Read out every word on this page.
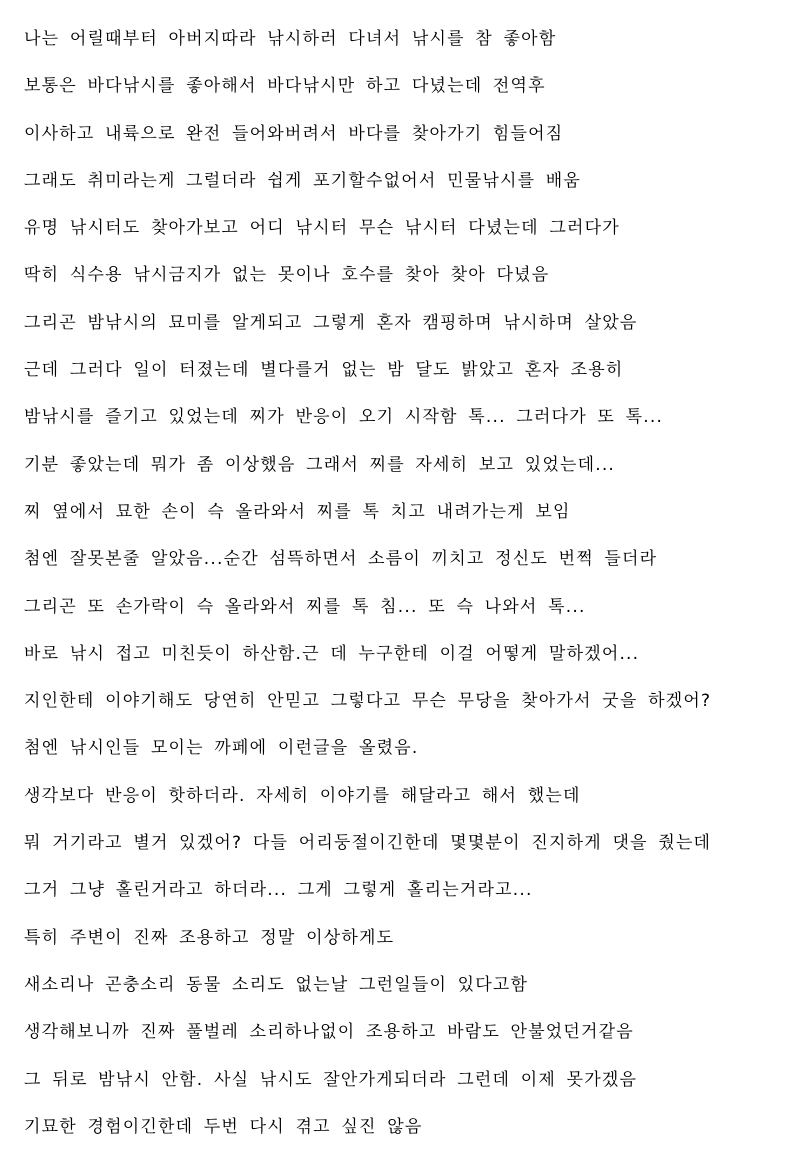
나는 어릴때부터 아버지따라 낚시하러 다녀서 낚시를 참 좋아함
보통은 바다낚시를 좋아해서 바다낚시만 하고 다녔는데 전역후
이사하고 내륙으로 완전 들어와버려서 바다를 찾아가기 힘들어짐
그래도 취미라는게 그럴더라 쉽게 포기할수없어서 민물낚시를 배움
유명 낚시터도 찾아가보고 어디 낚시터 무슨 낚시터 다녔는데 그러다가
딱히 식수용 낚시금지가 없는 못이나 호수를 찾아 찾아 다녔음
그리곤 밤낚시의 묘미를 알게되고 그렇게 혼자 캠핑하며 낚시하며 살았음
근데 그러다 일이 터졌는데 별다를거 없는 밤 달도 밝았고 혼자 조용히
밤낚시를 즐기고 있었는데 찌가 반응이 오기 시작함 톡... 그러다가 또 톡...
기분 좋았는데 뭐가 좀 이상했음 그래서 찌를 자세히 보고 있었는데...
찌 옆에서 묘한 손이 슥 올라와서 찌를 톡 치고 내려가는게 보임
첨엔 잘못본줄 알았음...순간 섬뜩하면서 소름이 끼치고 정신도 번쩍 들더라
그리곤 또 손가락이 슥 올라와서 찌를 톡 침... 또 슥 나와서 톡...
바로 낚시 접고 미친듯이 하산함.근 데 누구한테 이걸 어떻게 말하겠어...
지인한테 이야기해도 당연히 안믿고 그렇다고 무슨 무당을 찾아가서 굿을 하겠어?
첨엔 낚시인들 모이는 까페에 이런글을 올렸음.
생각보다 반응이 핫하더라. 자세히 이야기를 해달라고 해서 했는데
뭐 거기라고 별거 있겠어? 다들 어리둥절이긴한데 몇몇분이 진지하게 댓을 줬는데
그거 그냥 홀린거라고 하더라... 그게 그렇게 홀리는거라고...
특히 주변이 진짜 조용하고 정말 이상하게도
새소리나 곤충소리 동물 소리도 없는날 그런일들이 있다고함
생각해보니까 진짜 풀벌레 소리하나없이 조용하고 바람도 안불었던거같음
그 뒤로 밤낚시 안함. 사실 낚시도 잘안가게되더라 그런데 이제 못가겠음
기묘한 경험이긴한데 두번 다시 겪고 싶진 않음
